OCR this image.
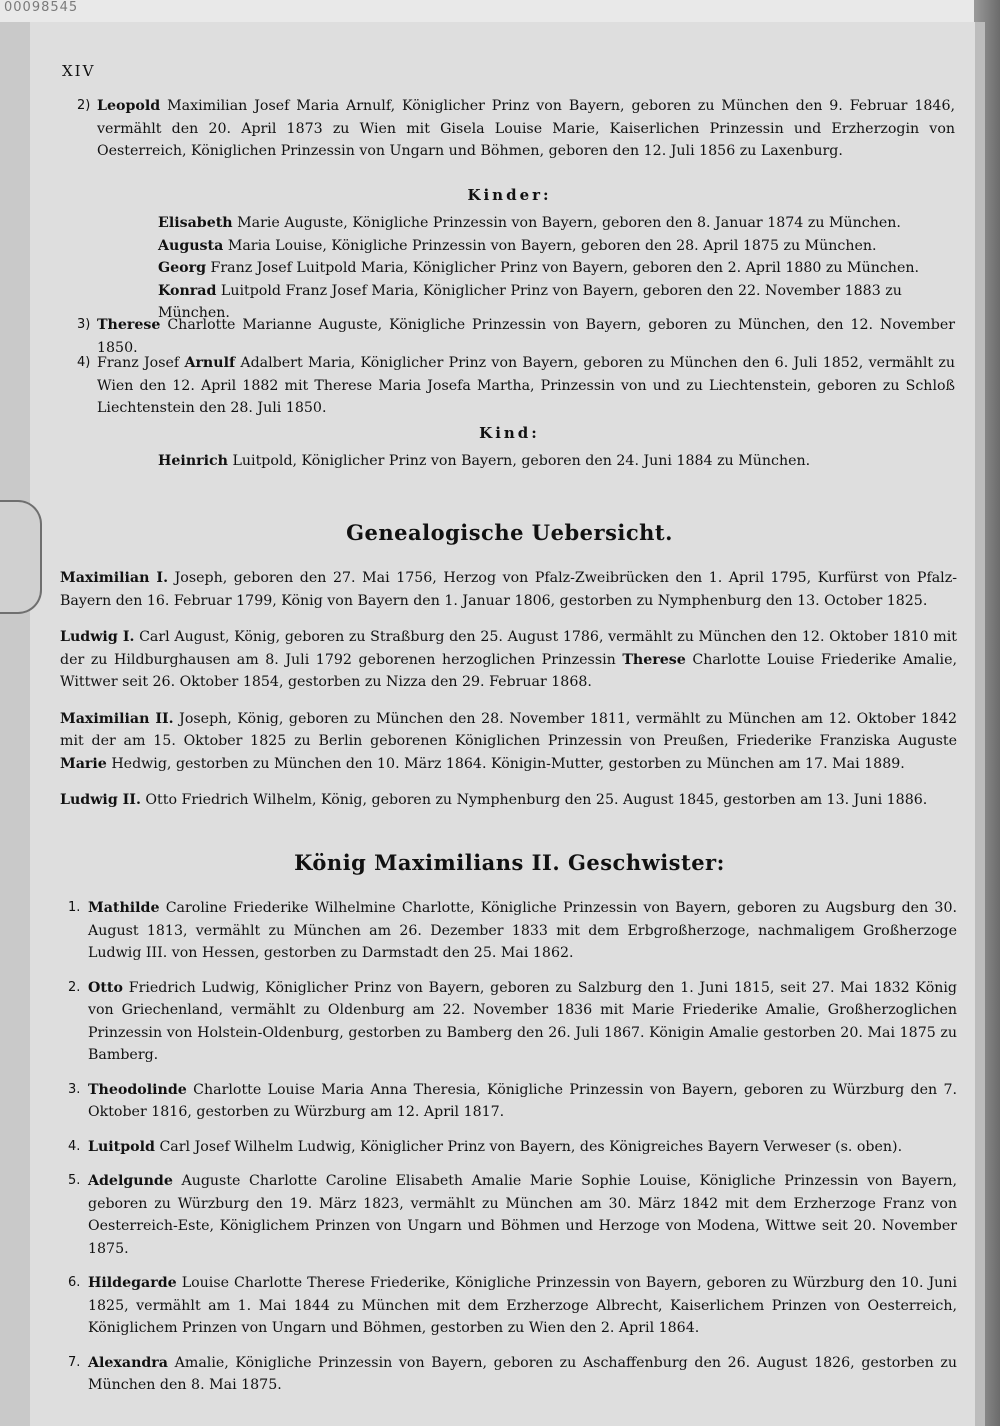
00098545
XIV

2) Leopold Maximilian Josef Maria Arnulf, Königlicher Prinz von Bayern, geboren zu München den 9. Februar 1846, vermählt den 20. April 1873 zu Wien mit Gisela Louise Marie, Kaiserlichen Prinzessin und Erzherzogin von Oesterreich, Königlichen Prinzessin von Ungarn und Böhmen, geboren den 12. Juli 1856 zu Laxenburg.

Kinder:

Elisabeth Marie Auguste, Königliche Prinzessin von Bayern, geboren den 8. Januar 1874 zu München.

Augusta Maria Louise, Königliche Prinzessin von Bayern, geboren den 28. April 1875 zu München.

Georg Franz Josef Luitpold Maria, Königlicher Prinz von Bayern, geboren den 2. April 1880 zu München.

Konrad Luitpold Franz Josef Maria, Königlicher Prinz von Bayern, geboren den 22. November 1883 zu München.

3) Therese Charlotte Marianne Auguste, Königliche Prinzessin von Bayern, geboren zu München, den 12. November 1850.

4) Franz Josef Arnulf Adalbert Maria, Königlicher Prinz von Bayern, geboren zu München den 6. Juli 1852, vermählt zu Wien den 12. April 1882 mit Therese Maria Josefa Martha, Prinzessin von und zu Liechtenstein, geboren zu Schloß Liechtenstein den 28. Juli 1850.

Kind:

Heinrich Luitpold, Königlicher Prinz von Bayern, geboren den 24. Juni 1884 zu München.

Genealogische Uebersicht.

Maximilian I. Joseph, geboren den 27. Mai 1756, Herzog von Pfalz-Zweibrücken den 1. April 1795, Kurfürst von Pfalz-Bayern den 16. Februar 1799, König von Bayern den 1. Januar 1806, gestorben zu Nymphenburg den 13. October 1825.

Ludwig I. Carl August, König, geboren zu Straßburg den 25. August 1786, vermählt zu München den 12. Oktober 1810 mit der zu Hildburghausen am 8. Juli 1792 geborenen herzoglichen Prinzessin Therese Charlotte Louise Friederike Amalie, Wittwer seit 26. Oktober 1854, gestorben zu Nizza den 29. Februar 1868.

Maximilian II. Joseph, König, geboren zu München den 28. November 1811, vermählt zu München am 12. Oktober 1842 mit der am 15. Oktober 1825 zu Berlin geborenen Königlichen Prinzessin von Preußen, Friederike Franziska Auguste Marie Hedwig, gestorben zu München den 10. März 1864. Königin-Mutter, gestorben zu München am 17. Mai 1889.

Ludwig II. Otto Friedrich Wilhelm, König, geboren zu Nymphenburg den 25. August 1845, gestorben am 13. Juni 1886.

König Maximilians II. Geschwister:

1. Mathilde Caroline Friederike Wilhelmine Charlotte, Königliche Prinzessin von Bayern, geboren zu Augsburg den 30. August 1813, vermählt zu München am 26. Dezember 1833 mit dem Erbgroßherzoge, nachmaligem Großherzoge Ludwig III. von Hessen, gestorben zu Darmstadt den 25. Mai 1862.

2. Otto Friedrich Ludwig, Königlicher Prinz von Bayern, geboren zu Salzburg den 1. Juni 1815, seit 27. Mai 1832 König von Griechenland, vermählt zu Oldenburg am 22. November 1836 mit Marie Friederike Amalie, Großherzoglichen Prinzessin von Holstein-Oldenburg, gestorben zu Bamberg den 26. Juli 1867. Königin Amalie gestorben 20. Mai 1875 zu Bamberg.

3. Theodolinde Charlotte Louise Maria Anna Theresia, Königliche Prinzessin von Bayern, geboren zu Würzburg den 7. Oktober 1816, gestorben zu Würzburg am 12. April 1817.

4. Luitpold Carl Josef Wilhelm Ludwig, Königlicher Prinz von Bayern, des Königreiches Bayern Verweser (s. oben).

5. Adelgunde Auguste Charlotte Caroline Elisabeth Amalie Marie Sophie Louise, Königliche Prinzessin von Bayern, geboren zu Würzburg den 19. März 1823, vermählt zu München am 30. März 1842 mit dem Erzherzoge Franz von Oesterreich-Este, Königlichem Prinzen von Ungarn und Böhmen und Herzoge von Modena, Wittwe seit 20. November 1875.

6. Hildegarde Louise Charlotte Therese Friederike, Königliche Prinzessin von Bayern, geboren zu Würzburg den 10. Juni 1825, vermählt am 1. Mai 1844 zu München mit dem Erzherzoge Albrecht, Kaiserlichem Prinzen von Oesterreich, Königlichem Prinzen von Ungarn und Böhmen, gestorben zu Wien den 2. April 1864.

7. Alexandra Amalie, Königliche Prinzessin von Bayern, geboren zu Aschaffenburg den 26. August 1826, gestorben zu München den 8. Mai 1875.
